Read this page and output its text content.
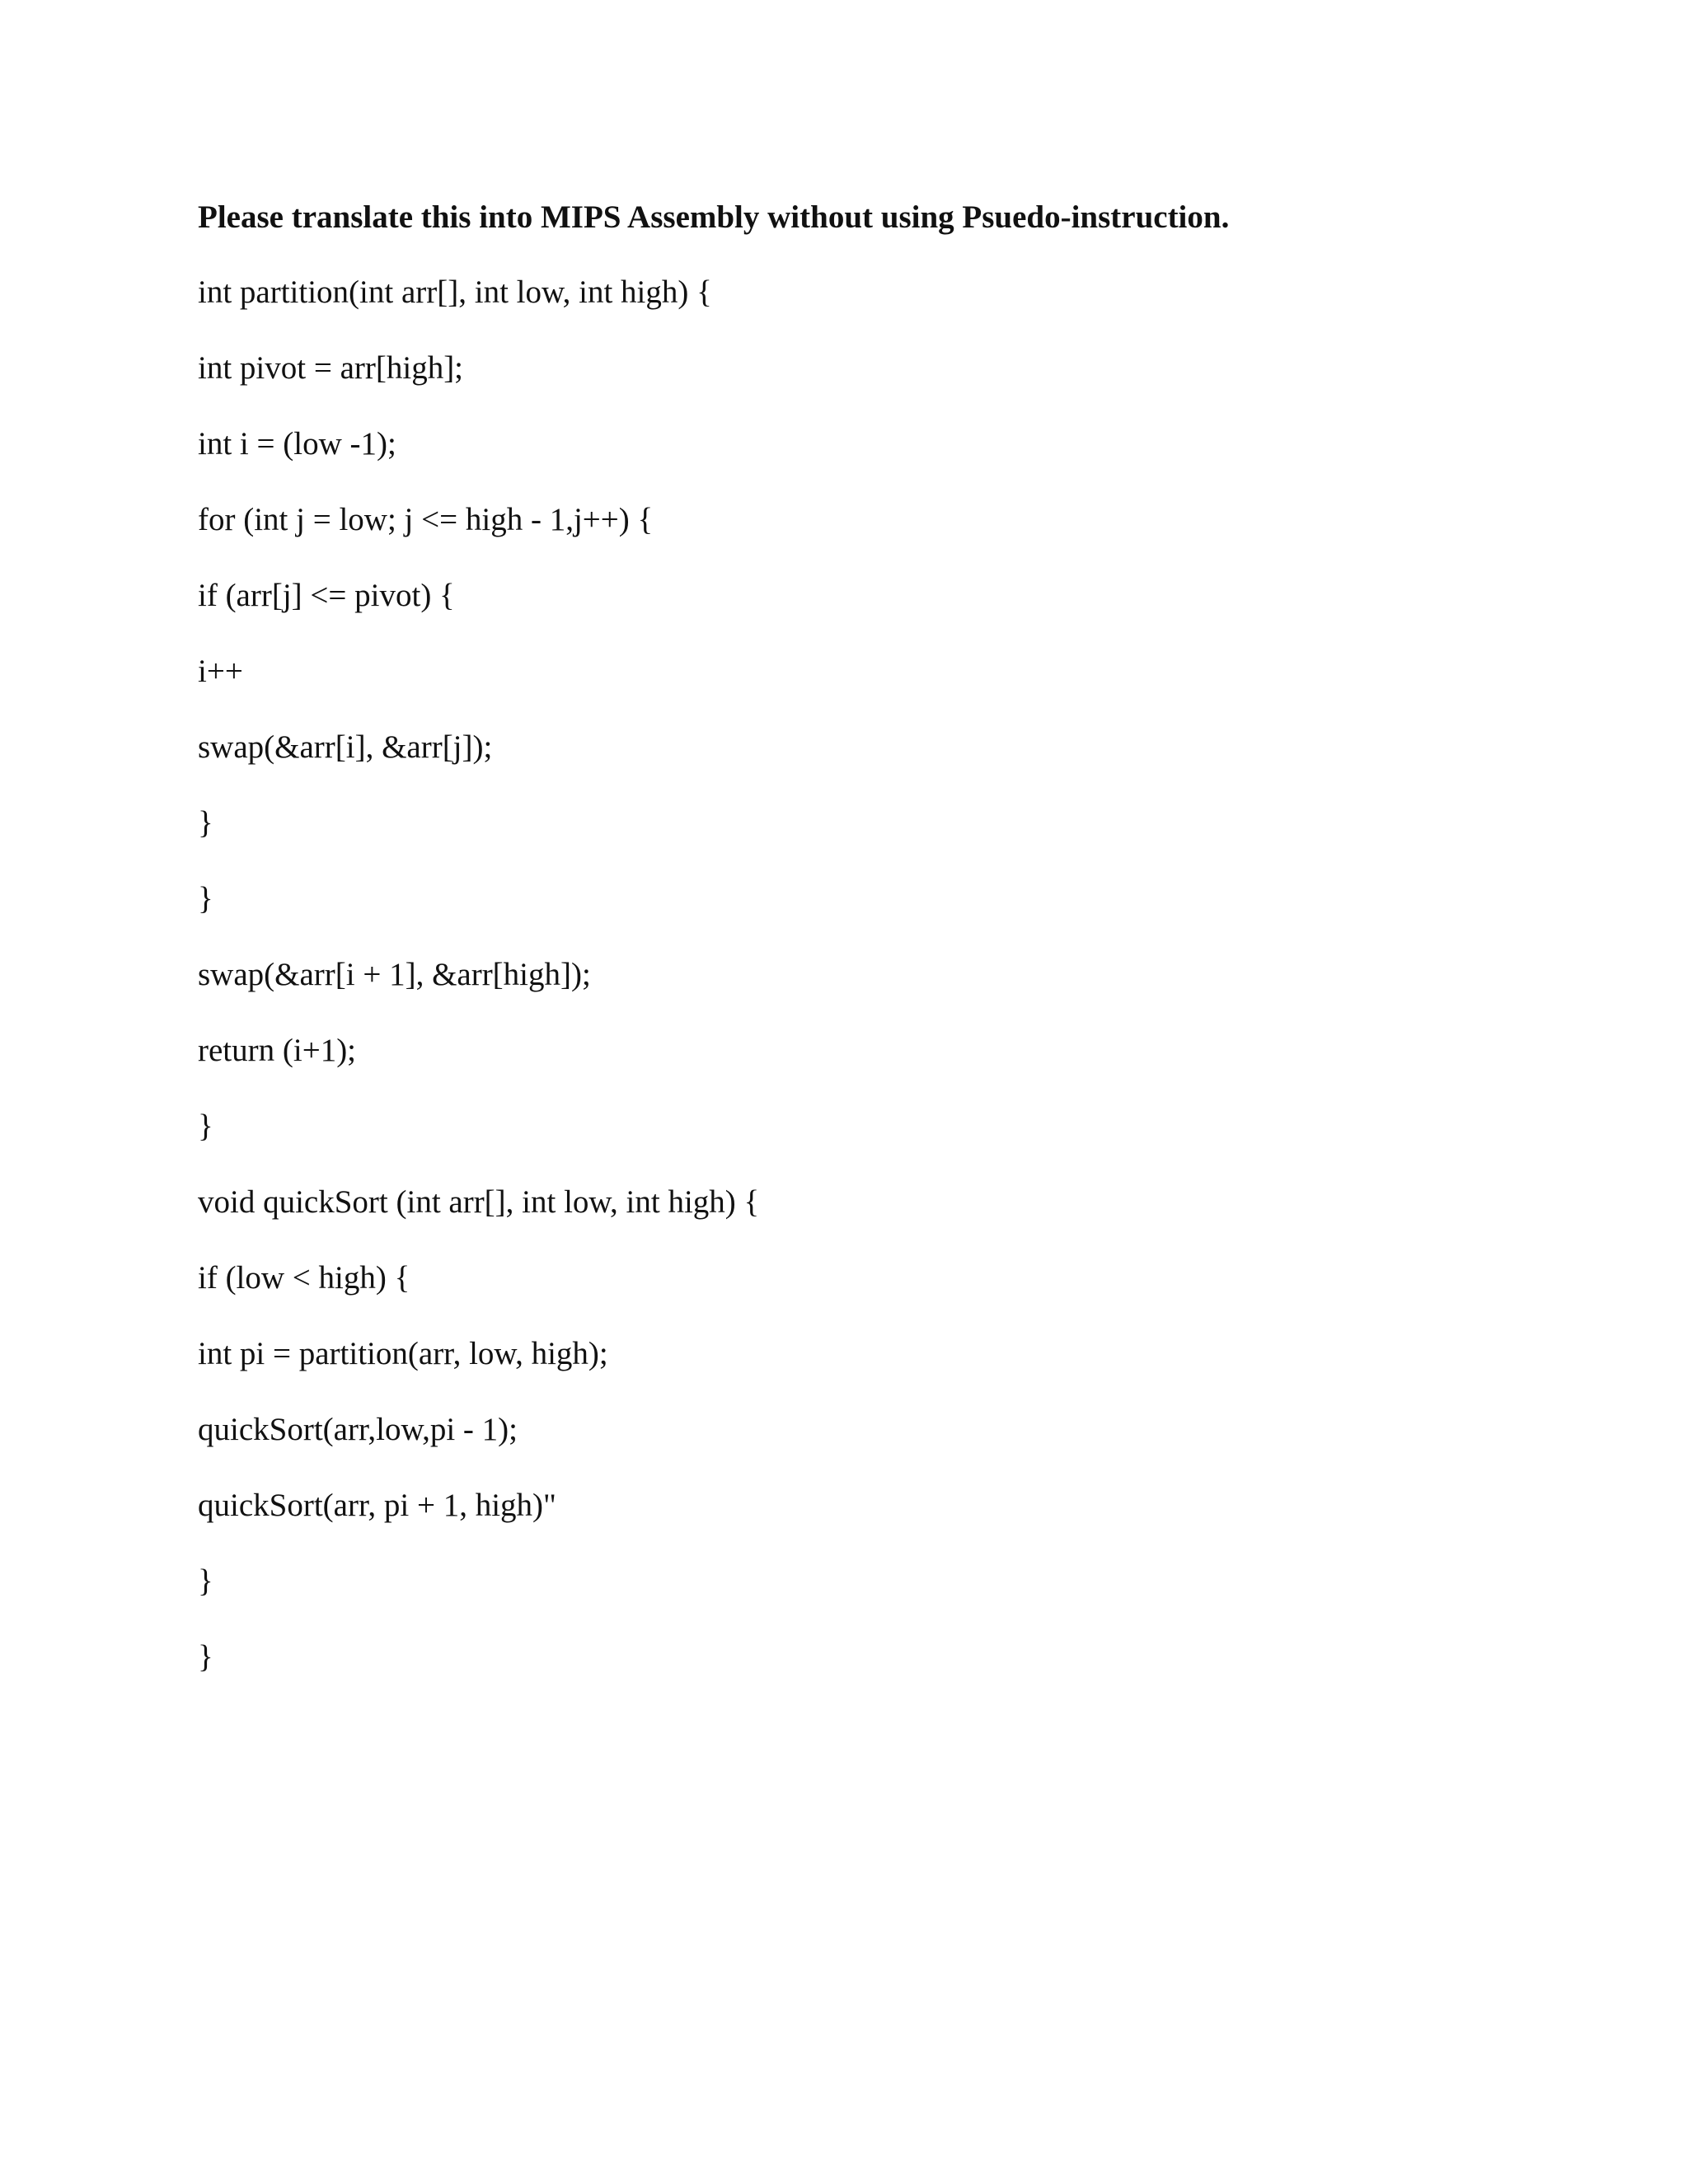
Please translate this into MIPS Assembly without using Psuedo-instruction.
int partition(int arr[], int low, int high) {
int pivot = arr[high];
int i = (low -1);
for (int j = low; j <= high - 1,j++) {
if (arr[j] <= pivot) {
i++
swap(&arr[i], &arr[j]);
}
}
swap(&arr[i + 1], &arr[high]);
return (i+1);
}
void quickSort (int arr[], int low, int high) {
if (low < high) {
int pi = partition(arr, low, high);
quickSort(arr,low,pi - 1);
quickSort(arr, pi + 1, high)"
}
}
